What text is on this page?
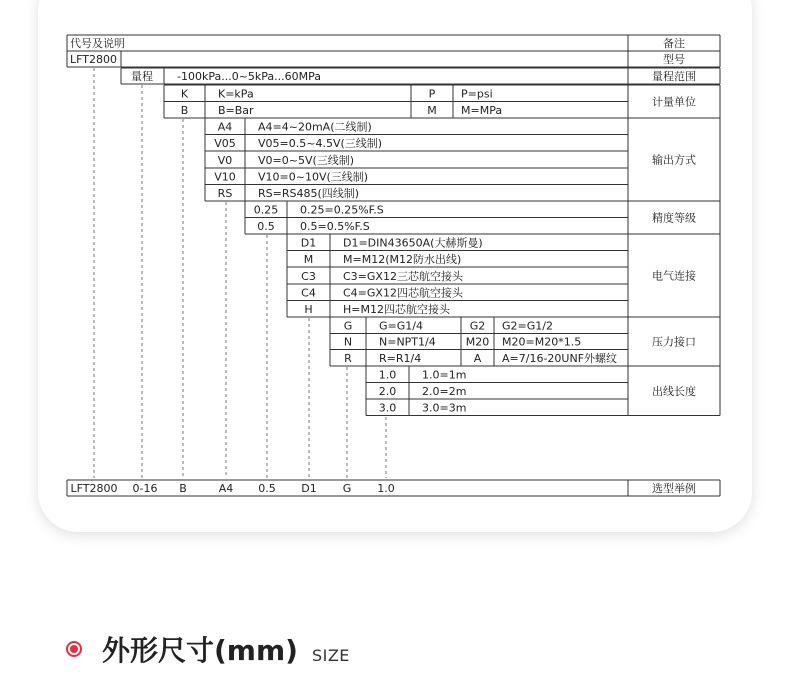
代号及说明	备注
LFT2800	型号
量程 -100kPa...0~5kPa...60MPa	量程范围
K	K=kPa	P P=psi
B	B=Bar	M M=MPa
计量单位
A4 A4=4~20mA(二线制)
V05 V05=0.5~4.5V(三线制)
V0 V0=0~5V(三线制)
V10 V10=0~10V(三线制)
RS RS=RS485(四线制)
输出方式
0.25 0.25=0.25%F.S
0.5 0.5=0.5%F.S
精度等级
D1 D1=DIN43650A(大赫斯曼)
M	M=M12(M12防水出线)
C3 C3=GX12三芯航空接头
C4 C4=GX12四芯航空接头
H	H=M12四芯航空接头
电气连接
G G=G1/4	G2 G2=G1/2
N N=NPT1/4	M20 M20=M20*1.5
R R=R1/4	A A=7/16-20UNF外螺纹
压力接口
1.0 1.0=1m
2.0 2.0=2m
3.0 3.0=3m
出线长度
LFT2800 0-16 B	A4 0.5 D1 G 1.0	选型举例
外形尺寸(mm) SIZE
